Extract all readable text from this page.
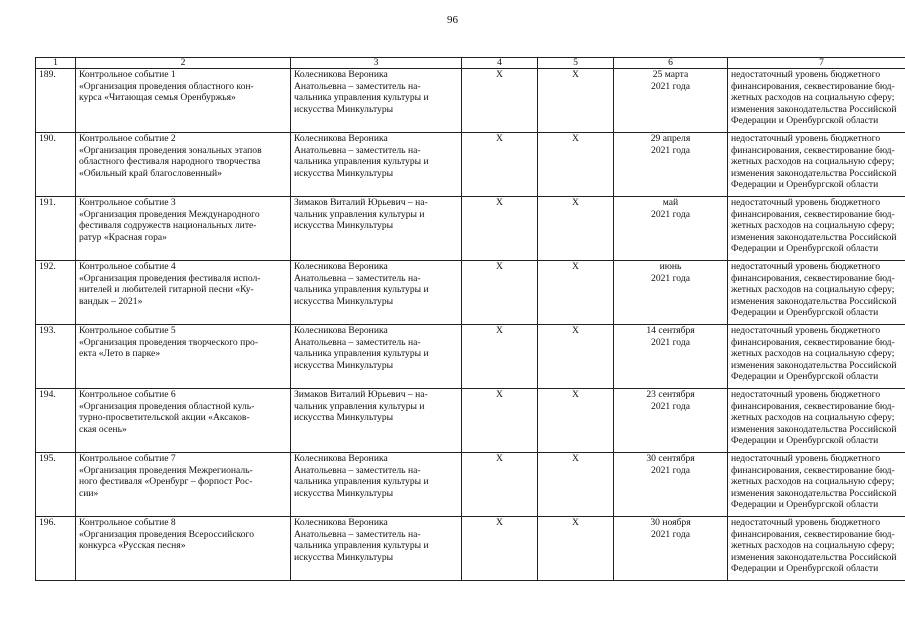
96
1	2	3	4	5	6	7
189.	Контрольное событие 1
«Организация проведения областного кон-
курса «Читающая семья Оренбуржья»	Колесникова Вероника
Анатольевна – заместитель на-
чальника управления культуры и
искусства Минкультуры	X	X	25 марта
2021 года	недостаточный уровень бюджетного
финансирования, секвестирование бюд-
жетных расходов на социальную сферу;
изменения законодательства Российской
Федерации и Оренбургской области
190.	Контрольное событие 2
«Организация проведения зональных этапов
областного фестиваля народного творчества
«Обильный край благословенный»	Колесникова Вероника
Анатольевна – заместитель на-
чальника управления культуры и
искусства Минкультуры	X	X	29 апреля
2021 года	недостаточный уровень бюджетного
финансирования, секвестирование бюд-
жетных расходов на социальную сферу;
изменения законодательства Российской
Федерации и Оренбургской области
191.	Контрольное событие 3
«Организация проведения Международного
фестиваля содружеств национальных лите-
ратур «Красная гора»	Зимаков Виталий Юрьевич – на-
чальник управления культуры и
искусства Минкультуры	X	X	май
2021 года	недостаточный уровень бюджетного
финансирования, секвестирование бюд-
жетных расходов на социальную сферу;
изменения законодательства Российской
Федерации и Оренбургской области
192.	Контрольное событие 4
«Организация проведения фестиваля испол-
нителей и любителей гитарной песни «Ку-
вандык – 2021»	Колесникова Вероника
Анатольевна – заместитель на-
чальника управления культуры и
искусства Минкультуры	X	X	июнь
2021 года	недостаточный уровень бюджетного
финансирования, секвестирование бюд-
жетных расходов на социальную сферу;
изменения законодательства Российской
Федерации и Оренбургской области
193.	Контрольное событие 5
«Организация проведения творческого про-
екта «Лето в парке»	Колесникова Вероника
Анатольевна – заместитель на-
чальника управления культуры и
искусства Минкультуры	X	X	14 сентября
2021 года	недостаточный уровень бюджетного
финансирования, секвестирование бюд-
жетных расходов на социальную сферу;
изменения законодательства Российской
Федерации и Оренбургской области
194.	Контрольное событие 6
«Организация проведения областной куль-
турно-просветительской акции «Аксаков-
ская осень»	Зимаков Виталий Юрьевич – на-
чальник управления культуры и
искусства Минкультуры	X	X	23 сентября
2021 года	недостаточный уровень бюджетного
финансирования, секвестирование бюд-
жетных расходов на социальную сферу;
изменения законодательства Российской
Федерации и Оренбургской области
195.	Контрольное событие 7
«Организация проведения Межрегиональ-
ного фестиваля «Оренбург – форпост Рос-
сии»	Колесникова Вероника
Анатольевна – заместитель на-
чальника управления культуры и
искусства Минкультуры	X	X	30 сентября
2021 года	недостаточный уровень бюджетного
финансирования, секвестирование бюд-
жетных расходов на социальную сферу;
изменения законодательства Российской
Федерации и Оренбургской области
196.	Контрольное событие 8
«Организация проведения Всероссийского
конкурса «Русская песня»	Колесникова Вероника
Анатольевна – заместитель на-
чальника управления культуры и
искусства Минкультуры	X	X	30 ноября
2021 года	недостаточный уровень бюджетного
финансирования, секвестирование бюд-
жетных расходов на социальную сферу;
изменения законодательства Российской
Федерации и Оренбургской области
